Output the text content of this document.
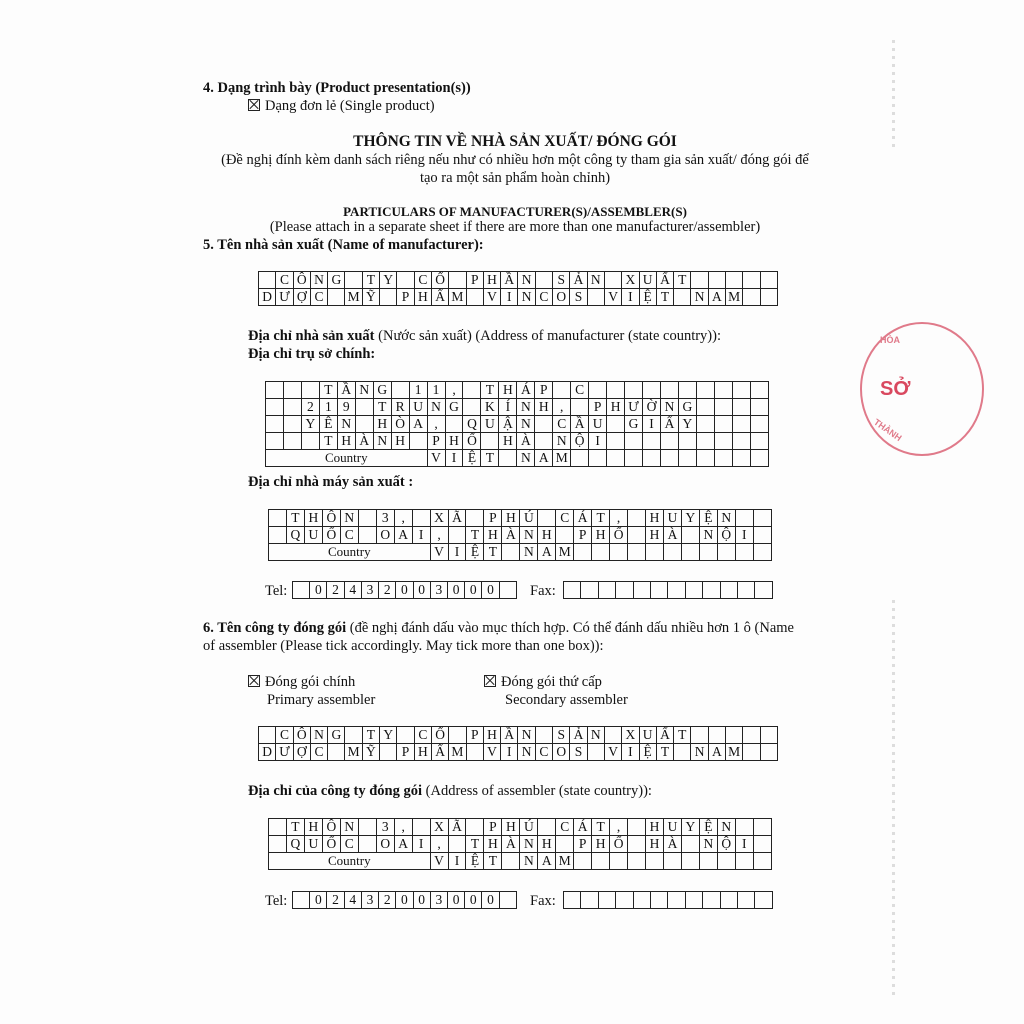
4. Dạng trình bày (Product presentation(s))
Dạng đơn lẻ (Single product)
THÔNG TIN VỀ NHÀ SẢN XUẤT/ ĐÓNG GÓI
(Đề nghị đính kèm danh sách riêng nếu như có nhiều hơn một công ty tham gia sản xuất/ đóng gói để
tạo ra một sản phẩm hoàn chỉnh)
PARTICULARS OF MANUFACTURER(S)/ASSEMBLER(S)
(Please attach in a separate sheet if there are more than one manufacturer/assembler)
5. Tên nhà sản xuất (Name of manufacturer):
	C	Ô	N	G		T	Y		C	Ổ		P	H	Ầ	N		S	Ả	N		X	U	Ấ	T					
D	Ư	Ợ	C		M	Ỹ		P	H	Ẩ	M		V	I	N	C	O	S		V	I	Ệ	T		N	A	M		
Địa chỉ nhà sản xuất (Nước sản xuất) (Address of manufacturer (state country)):
Địa chỉ trụ sở chính:
			T	Ầ	N	G		1	1	,		T	H	Á	P		C										
		2	1	9		T	R	U	N	G		K	Í	N	H	,		P	H	Ư	Ờ	N	G				
		Y	Ê	N		H	Ò	A	,		Q	U	Ậ	N		C	Ầ	U		G	I	Ấ	Y				
			T	H	À	N	H		P	H	Ố		H	À		N	Ộ	I									
Country									V	I	Ệ	T		N	A	M											
Địa chỉ nhà máy sản xuất :
	T	H	Ô	N		3	,		X	Ã		P	H	Ú		C	Á	T	,		H	U	Y	Ệ	N		
	Q	U	Ố	C		O	A	I	,		T	H	À	N	H		P	H	Ố		H	À		N	Ộ	I	
Country									V	I	Ệ	T		N	A	M											
Tel:
	0	2	4	3	2	0	0	3	0	0	0	Fax:

6. Tên công ty đóng gói (đề nghị đánh dấu vào mục thích hợp. Có thể đánh dấu nhiều hơn 1 ô (Name
of assembler (Please tick accordingly. May tick more than one box)):
Đóng gói chính
Primary assembler
Đóng gói thứ cấp
Secondary assembler
	C	Ô	N	G		T	Y		C	Ổ		P	H	Ầ	N		S	Ả	N		X	U	Ấ	T					
D	Ư	Ợ	C		M	Ỹ		P	H	Ẩ	M		V	I	N	C	O	S		V	I	Ệ	T		N	A	M		
Địa chỉ của công ty đóng gói (Address of assembler (state country)):
	T	H	Ô	N		3	,		X	Ã		P	H	Ú		C	Á	T	,		H	U	Y	Ệ	N		
	Q	U	Ố	C		O	A	I	,		T	H	À	N	H		P	H	Ố		H	À		N	Ộ	I	
Country									V	I	Ệ	T		N	A	M											
Tel:
	0	2	4	3	2	0	0	3	0	0	0	Fax:

SỞ
HÒA
THÀNH
